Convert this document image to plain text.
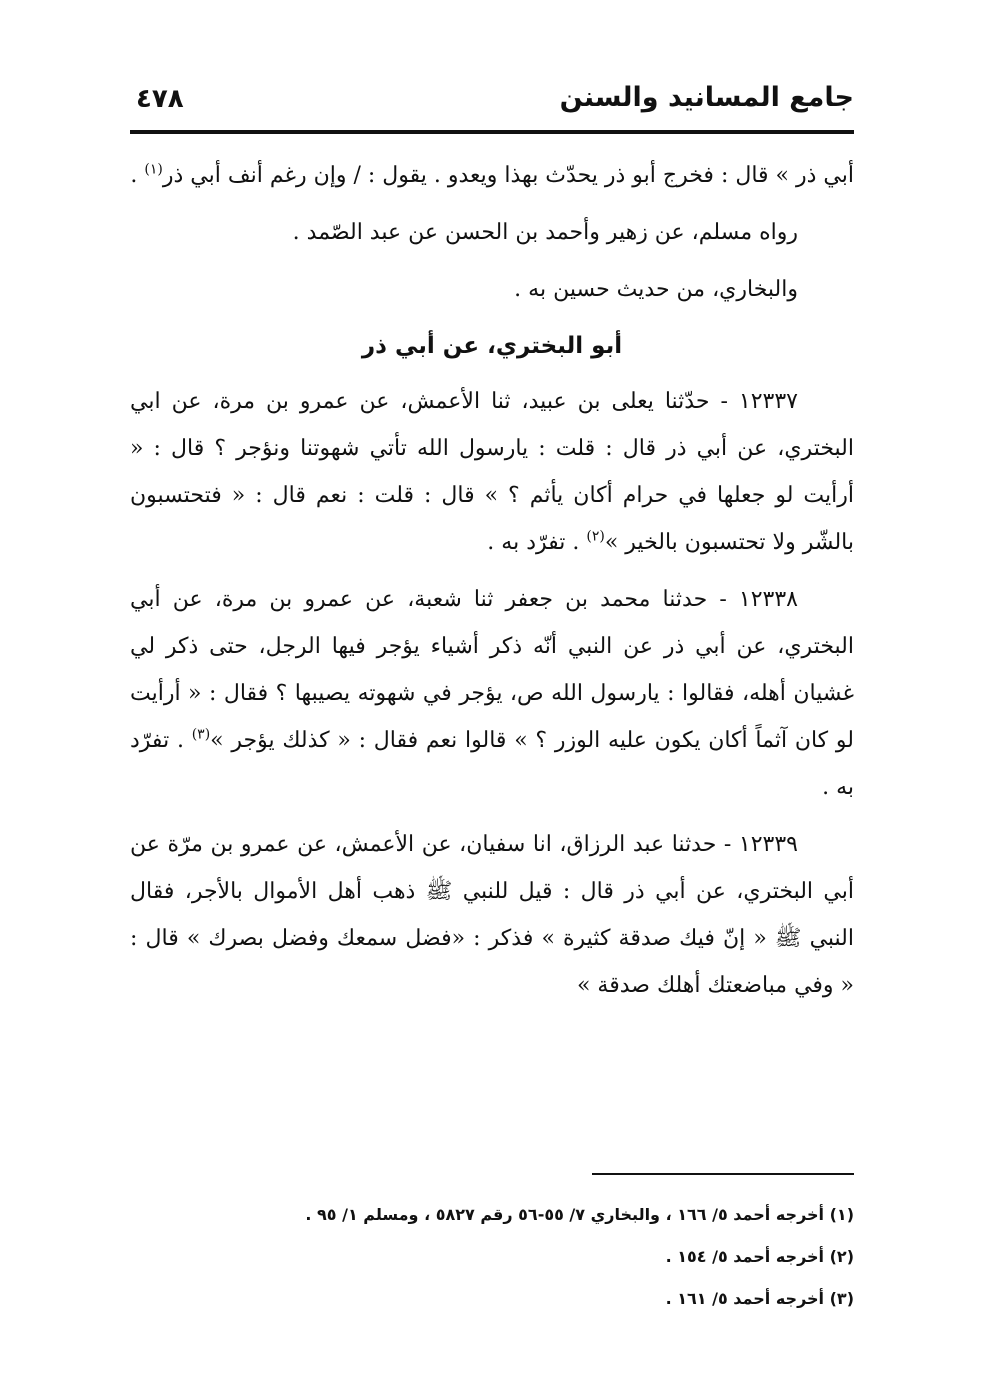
جامع المسانيد والسنن
٤٧٨

أبي ذر » قال : فخرج أبو ذر يحدّث بهذا ويعدو . يقول : / وإن رغم أنف أبي ذر$^{(١)}$ .

رواه مسلم، عن زهير وأحمد بن الحسن عن عبد الصّمد .

والبخاري، من حديث حسين به .

أبو البختري، عن أبي ذر

١٢٣٣٧ - حدّثنا يعلى بن عبيد، ثنا الأعمش، عن عمرو بن مرة، عن ابي البختري، عن أبي ذر قال : قلت : يارسول الله تأتي شهوتنا ونؤجر ؟ قال : « أرأيت لو جعلها في حرام أكان يأثم ؟ » قال : قلت : نعم قال : « فتحتسبون بالشّر ولا تحتسبون بالخير »$^{(٢)}$ . تفرّد به .

١٢٣٣٨ - حدثنا محمد بن جعفر ثنا شعبة، عن عمرو بن مرة، عن أبي البختري، عن أبي ذر عن النبي أنّه ذكر أشياء يؤجر فيها الرجل، حتى ذكر لي غشيان أهله، فقالوا : يارسول الله ص، يؤجر في شهوته يصيبها ؟ فقال : « أرأيت لو كان آثماً أكان يكون عليه الوزر ؟ » قالوا نعم فقال : « كذلك يؤجر »$^{(٣)}$ . تفرّد به .

١٢٣٣٩ - حدثنا عبد الرزاق، انا سفيان، عن الأعمش، عن عمرو بن مرّة عن أبي البختري، عن أبي ذر قال : قيل للنبي ﷺ ذهب أهل الأموال بالأجر، فقال النبي ﷺ « إنّ فيك صدقة كثيرة » فذكر : «فضل سمعك وفضل بصرك » قال : « وفي مباضعتك أهلك صدقة »

(١) أخرجه أحمد ٥/ ١٦٦ ، والبخاري ٧/ ٥٥-٥٦ رقم ٥٨٢٧ ، ومسلم ١/ ٩٥ .

(٢) أخرجه أحمد ٥/ ١٥٤ .

(٣) أخرجه أحمد ٥/ ١٦١ .
